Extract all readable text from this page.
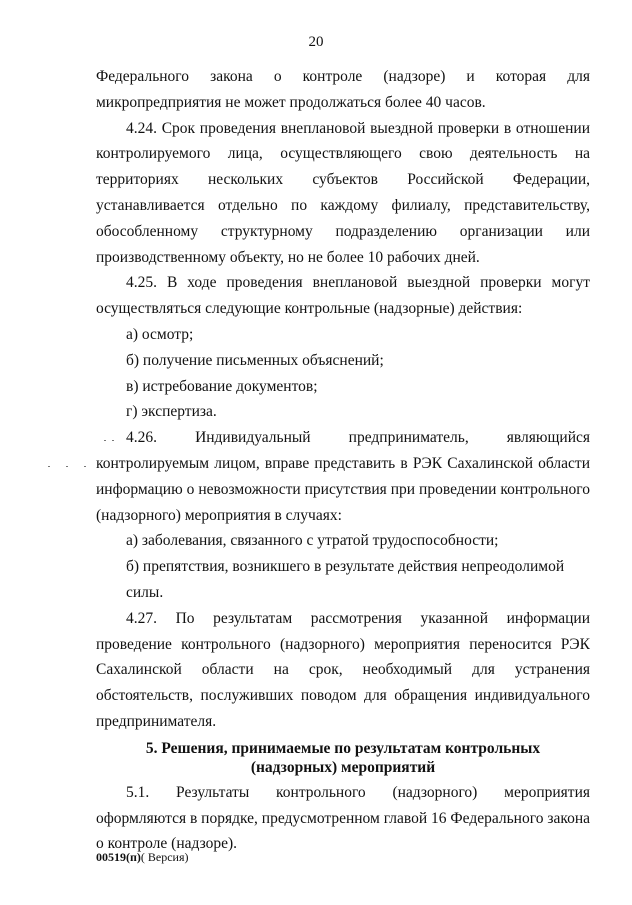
20

Федерального закона о контроле (надзоре) и которая для микропредприятия не может продолжаться более 40 часов.

4.24. Срок проведения внеплановой выездной проверки в отношении контролируемого лица, осуществляющего свою деятельность на территориях нескольких субъектов Российской Федерации, устанавливается отдельно по каждому филиалу, представительству, обособленному структурному подразделению организации или производственному объекту, но не более 10 рабочих дней.

4.25. В ходе проведения внеплановой выездной проверки могут осуществляться следующие контрольные (надзорные) действия:

а) осмотр;

б) получение письменных объяснений;

в) истребование документов;

г) экспертиза.

4.26. Индивидуальный предприниматель, являющийся контролируемым лицом, вправе представить в РЭК Сахалинской области информацию о невозможности присутствия при проведении контрольного (надзорного) мероприятия в случаях:

а) заболевания, связанного с утратой трудоспособности;

б) препятствия, возникшего в результате действия непреодолимой силы.

4.27. По результатам рассмотрения указанной информации проведение контрольного (надзорного) мероприятия переносится РЭК Сахалинской области на срок, необходимый для устранения обстоятельств, послуживших поводом для обращения индивидуального предпринимателя.

5. Решения, принимаемые по результатам контрольных
(надзорных) мероприятий

5.1. Результаты контрольного (надзорного) мероприятия оформляются в порядке, предусмотренном главой 16 Федерального закона о контроле (надзоре).

00519(п)( Версия)
